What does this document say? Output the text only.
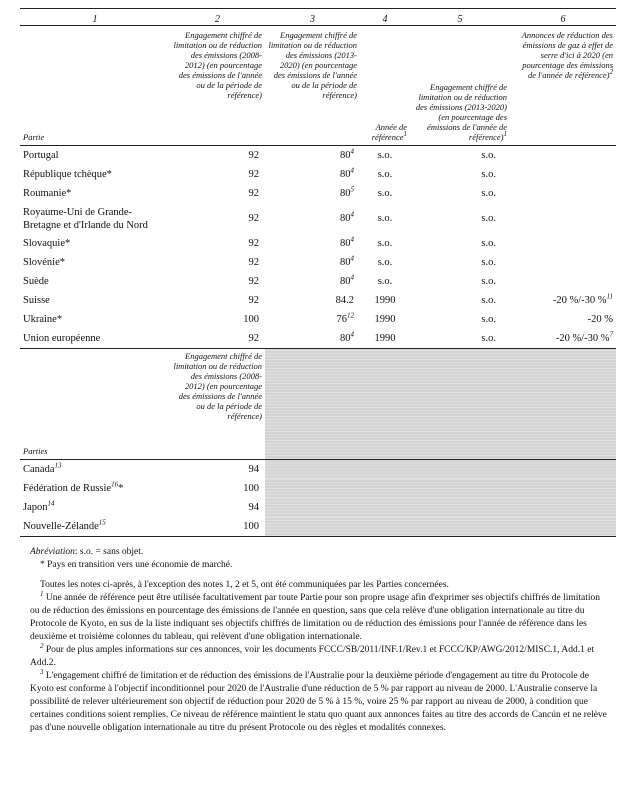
1	2	3	4	5	6
Partie	Engagement chiffré de limitation ou de réduction des émissions (2008-2012) (en pourcentage des émissions de l'année ou de la période de référence)	Engagement chiffré de limitation ou de réduction des émissions (2013-2020) (en pourcentage des émissions de l'année ou de la période de référence)	Année de référence$^1$	Engagement chiffré de limitation ou de réduction des émissions (2013-2020) (en pourcentage des émissions de l'année de référence)$^1$	Annonces de réduction des émissions de gaz à effet de serre d'ici à 2020 (en pourcentage des émissions de l'année de référence)$^2$
Portugal	92	$80^4$	s.o.	s.o.	
République tchèque*	92	$80^4$	s.o.	s.o.	
Roumanie*	92	$80^5$	s.o.	s.o.	
Royaume-Uni de Grande-Bretagne et d'Irlande du Nord	92	$80^4$	s.o.	s.o.	
Slovaquie*	92	$80^4$	s.o.	s.o.	
Slovénie*	92	$80^4$	s.o.	s.o.	
Suède	92	$80^4$	s.o.	s.o.	
Suisse	92	84.2	1990	s.o.	-20 %/-30 %$^{11}$
Ukraine*	100	$76^{12}$	1990	s.o.	-20 %
Union européenne	92	$80^4$	1990	s.o.	-20 %/-30 %$^7$
Parties	Engagement chiffré de limitation ou de réduction des émissions (2008-2012) (en pourcentage des émissions de l'année ou de la période de référence)	
Canada$^{13}$	94	
Fédération de Russie$^{16}$*	100	
Japon$^{14}$	94	
Nouvelle-Zélande$^{15}$	100	

Abréviation: s.o. = sans objet.

* Pays en transition vers une économie de marché.

Toutes les notes ci-après, à l'exception des notes 1, 2 et 5, ont été communiquées par les Parties concernées.

$^1$ Une année de référence peut être utilisée facultativement par toute Partie pour son propre usage afin d'exprimer ses objectifs chiffrés de limitation ou de réduction des émissions en pourcentage des émissions de l'année en question, sans que cela relève d'une obligation internationale au titre du Protocole de Kyoto, en sus de la liste indiquant ses objectifs chiffrés de limitation ou de réduction des émissions pour l'année de référence dans les deuxième et troisième colonnes du tableau, qui relèvent d'une obligation internationale.

$^2$ Pour de plus amples informations sur ces annonces, voir les documents FCCC/SB/2011/INF.1/Rev.1 et FCCC/KP/AWG/2012/MISC.1, Add.1 et Add.2.

$^3$ L'engagement chiffré de limitation et de réduction des émissions de l'Australie pour la deuxième période d'engagement au titre du Protocole de Kyoto est conforme à l'objectif inconditionnel pour 2020 de l'Australie d'une réduction de 5 % par rapport au niveau de 2000. L'Australie conserve la possibilité de relever ultérieurement son objectif de réduction pour 2020 de 5 % à 15 %, voire 25 % par rapport au niveau de 2000, à condition que certaines conditions soient remplies. Ce niveau de référence maintient le statu quo quant aux annonces faites au titre des accords de Cancún et ne relève pas d'une nouvelle obligation internationale au titre du présent Protocole ou des règles et modalités connexes.
